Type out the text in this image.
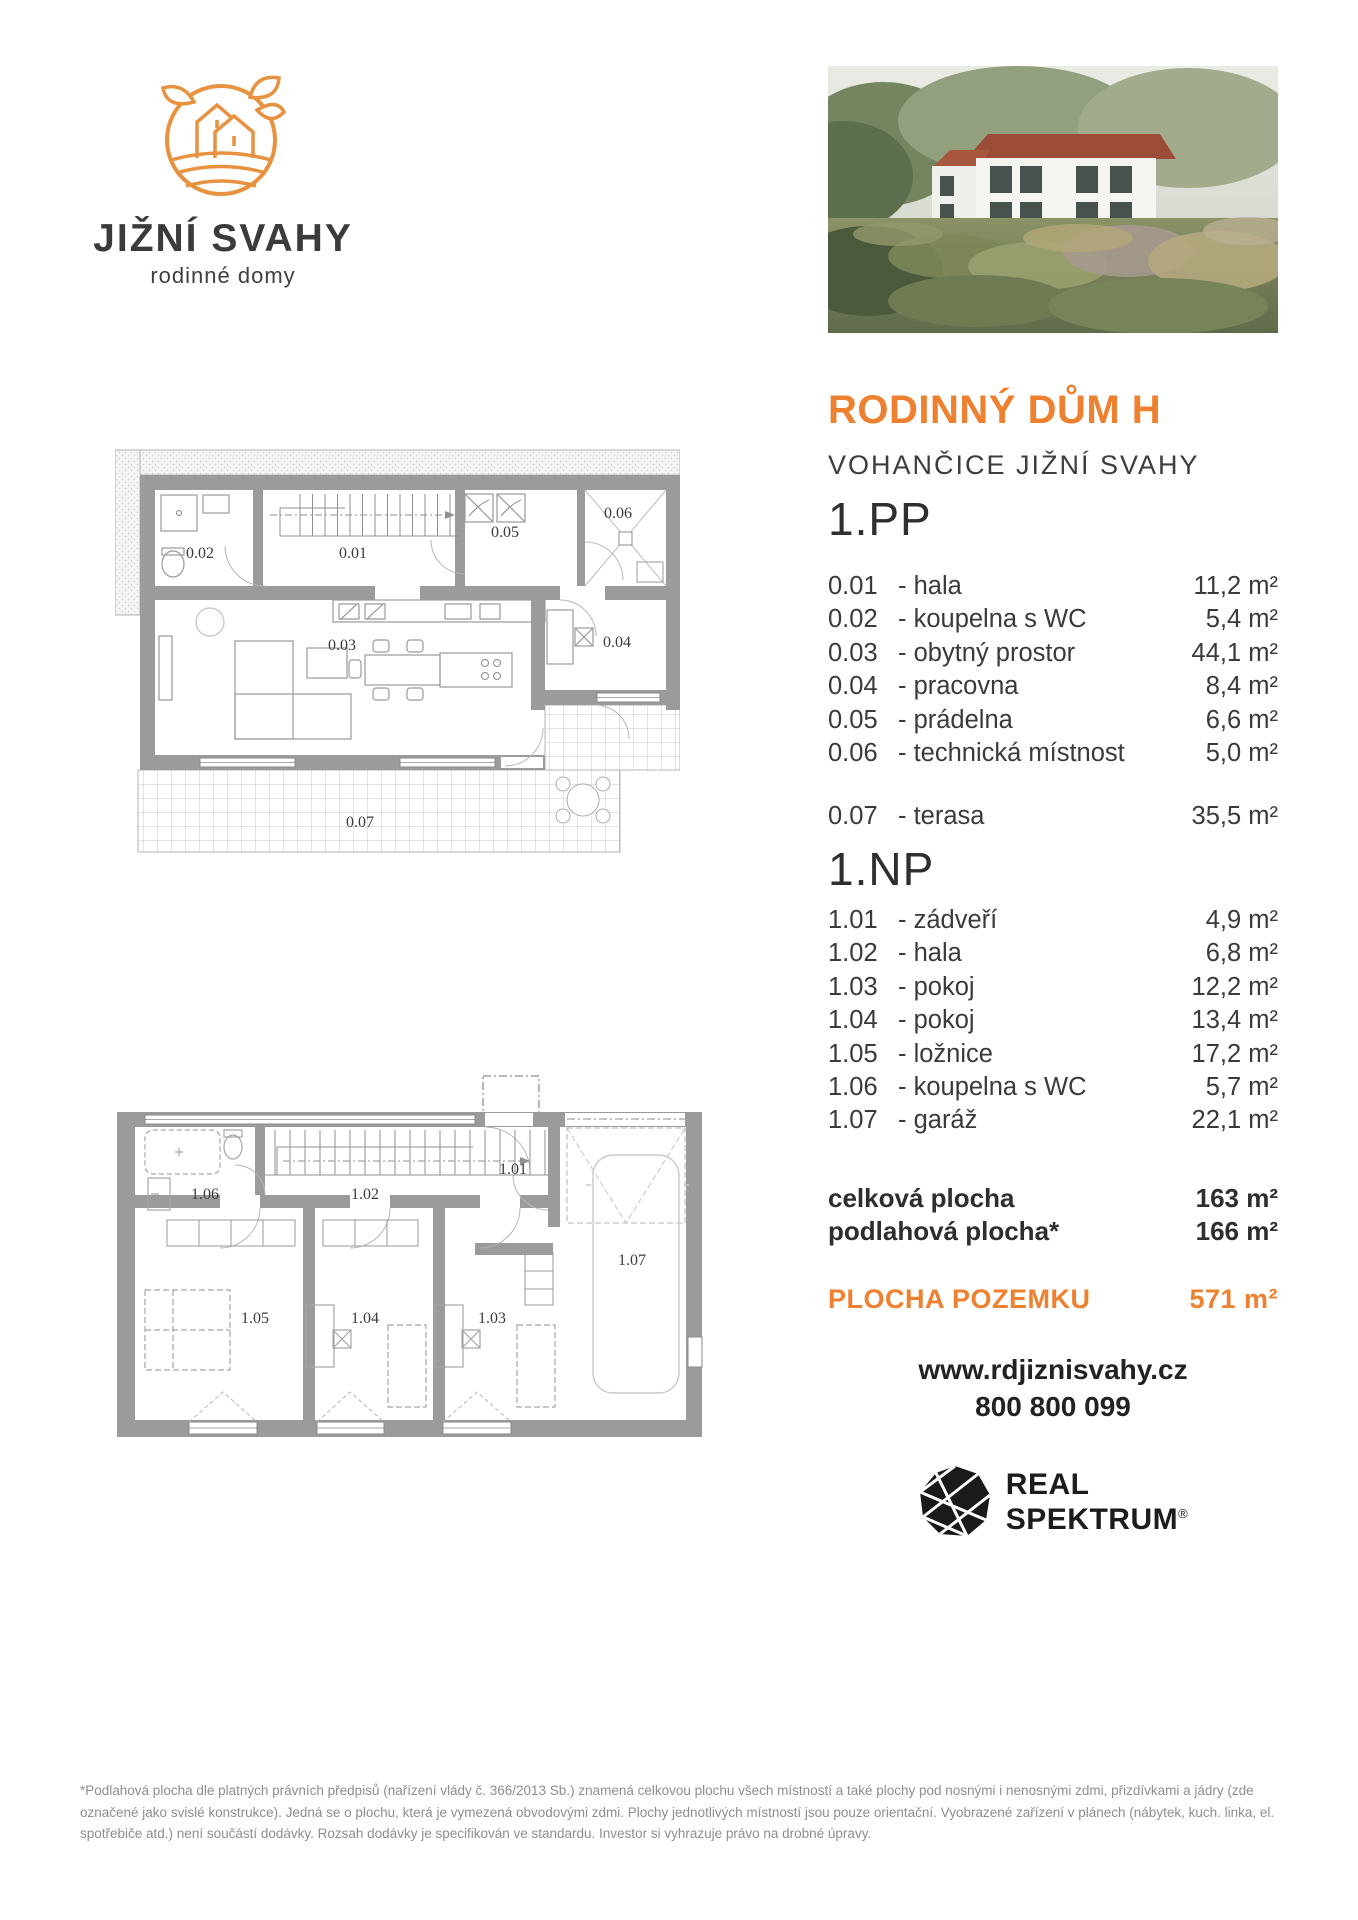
JIŽNÍ SVAHY
rodinné domy
RODINNÝ DŮM H
VOHANČICE JIŽNÍ SVAHY
1.PP
0.01 - hala	11,2 m²
0.02 - koupelna s WC	5,4 m²
0.03 - obytný prostor	44,1 m²
0.04 - pracovna	8,4 m²
0.05 - prádelna	6,6 m²
0.06 - technická místnost	5,0 m²
0.07 - terasa	35,5 m²
1.NP
1.01 - zádveří	4,9 m²
1.02 - hala	6,8 m²
1.03 - pokoj	12,2 m²
1.04 - pokoj	13,4 m²
1.05 - ložnice	17,2 m²
1.06 - koupelna s WC	5,7 m²
1.07 - garáž	22,1 m²
celková plocha	163 m²
podlahová plocha*	166 m²
PLOCHA POZEMKU	571 m²
www.rdjiznisvahy.cz
800 800 099
REAL
SPEKTRUM®
0.01
0.02
0.03	0.04
0.05
0.06
0.07
1.01
1.02
1.03
1.04
1.05
1.06
1.07
*Podlahová plocha dle platných právních předpisů (nařízení vlády č. 366/2013 Sb.) znamená celkovou plochu všech místností a také plochy pod nosnými i nenosnými zdmi, přizdívkami a jádry (zde označené jako svislé konstrukce). Jedná se o plochu, která je vymezená obvodovými zdmi. Plochy jednotlivých místností jsou pouze orientační. Vyobrazené zařízení v plánech (nábytek, kuch. linka, el. spotřebiče atd.) není součástí dodávky. Rozsah dodávky je specifikován ve standardu. Investor si vyhrazuje právo na drobné úpravy.
